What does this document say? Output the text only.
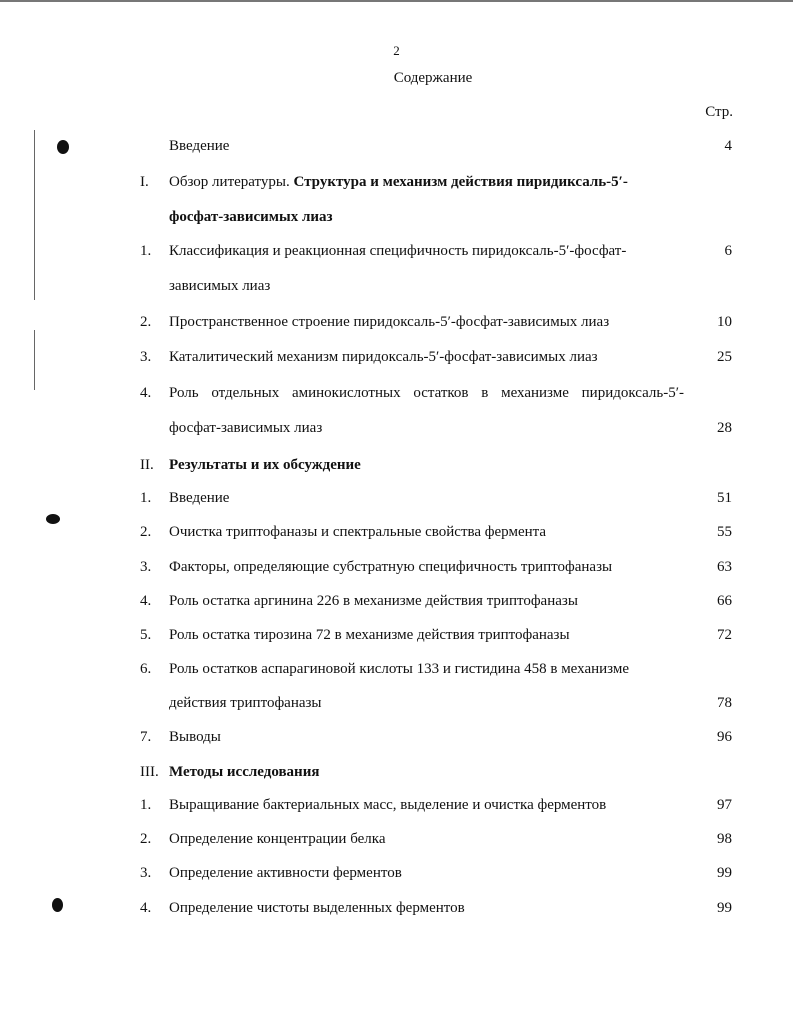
2
Содержание
Стр.
Введение	4
I. Обзор литературы. Структура и механизм действия пиридиксаль-5′-
фосфат-зависимых лиаз
1. Классификация и реакционная специфичность пиридоксаль-5′-фосфат-	6
зависимых лиаз
2. Пространственное строение пиридоксаль-5′-фосфат-зависимых лиаз	10
3. Каталитический механизм пиридоксаль-5′-фосфат-зависимых лиаз	25
4. Роль отдельных аминокислотных остатков в механизме пиридоксаль-5′-
фосфат-зависимых лиаз	28
II. Результаты и их обсуждение
1. Введение	51
2. Очистка триптофаназы и спектральные свойства фермента	55
3. Факторы, определяющие субстратную специфичность триптофаназы	63
4. Роль остатка аргинина 226 в механизме действия триптофаназы	66
5. Роль остатка тирозина 72 в механизме действия триптофаназы	72
6. Роль остатков аспарагиновой кислоты 133 и гистидина 458 в механизме
действия триптофаназы	78
7. Выводы	96
III. Методы исследования
1. Выращивание бактериальных масс, выделение и очистка ферментов	97
2. Определение концентрации белка	98
3. Определение активности ферментов	99
4. Определение чистоты выделенных ферментов	99
